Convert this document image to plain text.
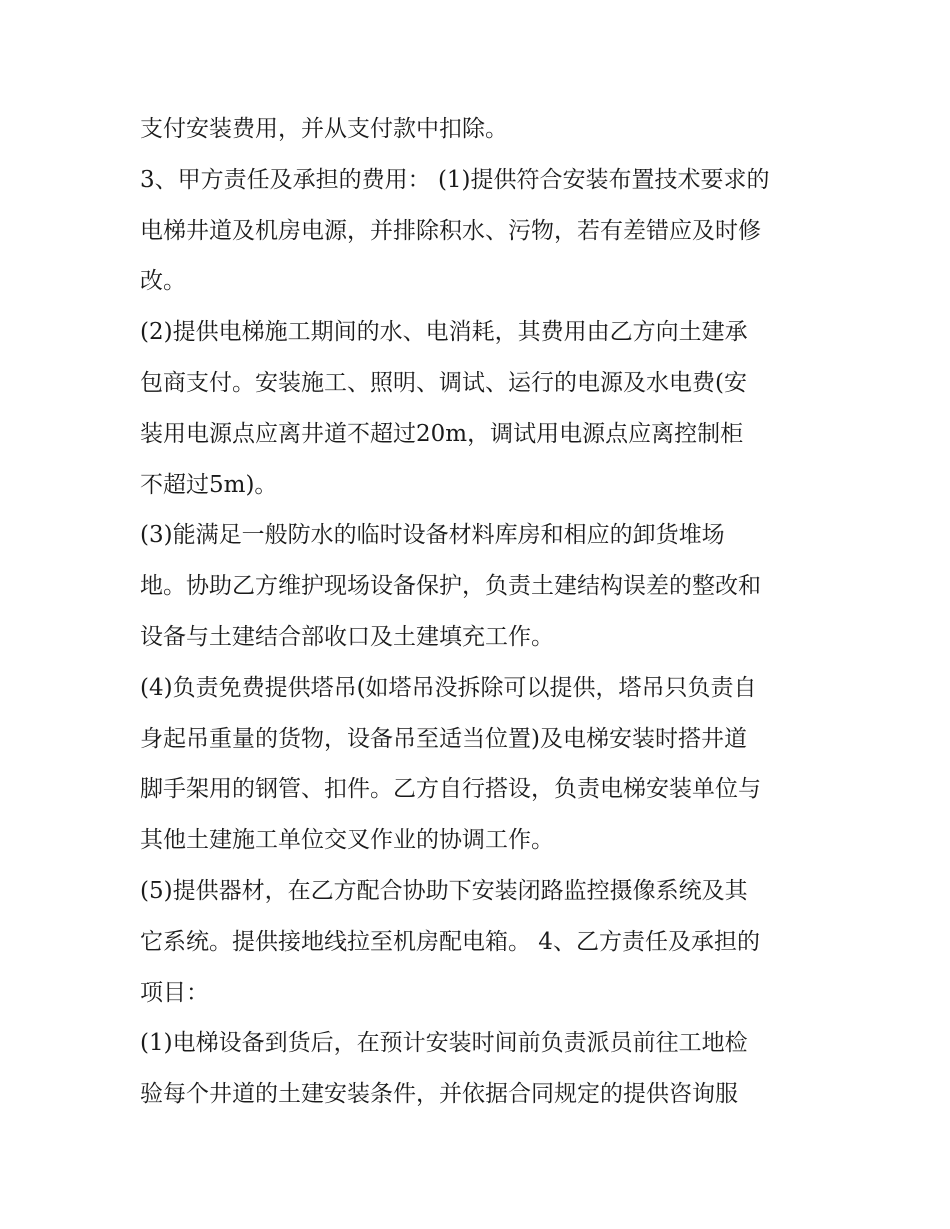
支付安装费用，并从支付款中扣除。
3、甲方责任及承担的费用： (1)提供符合安装布置技术要求的
电梯井道及机房电源，并排除积水、污物，若有差错应及时修
改。
(2)提供电梯施工期间的水、电消耗，其费用由乙方向土建承
包商支付。安装施工、照明、调试、运行的电源及水电费(安
装用电源点应离井道不超过20m，调试用电源点应离控制柜
不超过5m)。
(3)能满足一般防水的临时设备材料库房和相应的卸货堆场
地。协助乙方维护现场设备保护，负责土建结构误差的整改和
设备与土建结合部收口及土建填充工作。
(4)负责免费提供塔吊(如塔吊没拆除可以提供，塔吊只负责自
身起吊重量的货物，设备吊至适当位置)及电梯安装时搭井道
脚手架用的钢管、扣件。乙方自行搭设，负责电梯安装单位与
其他土建施工单位交叉作业的协调工作。
(5)提供器材，在乙方配合协助下安装闭路监控摄像系统及其
它系统。提供接地线拉至机房配电箱。 4、乙方责任及承担的
项目：
(1)电梯设备到货后，在预计安装时间前负责派员前往工地检
验每个井道的土建安装条件，并依据合同规定的提供咨询服
